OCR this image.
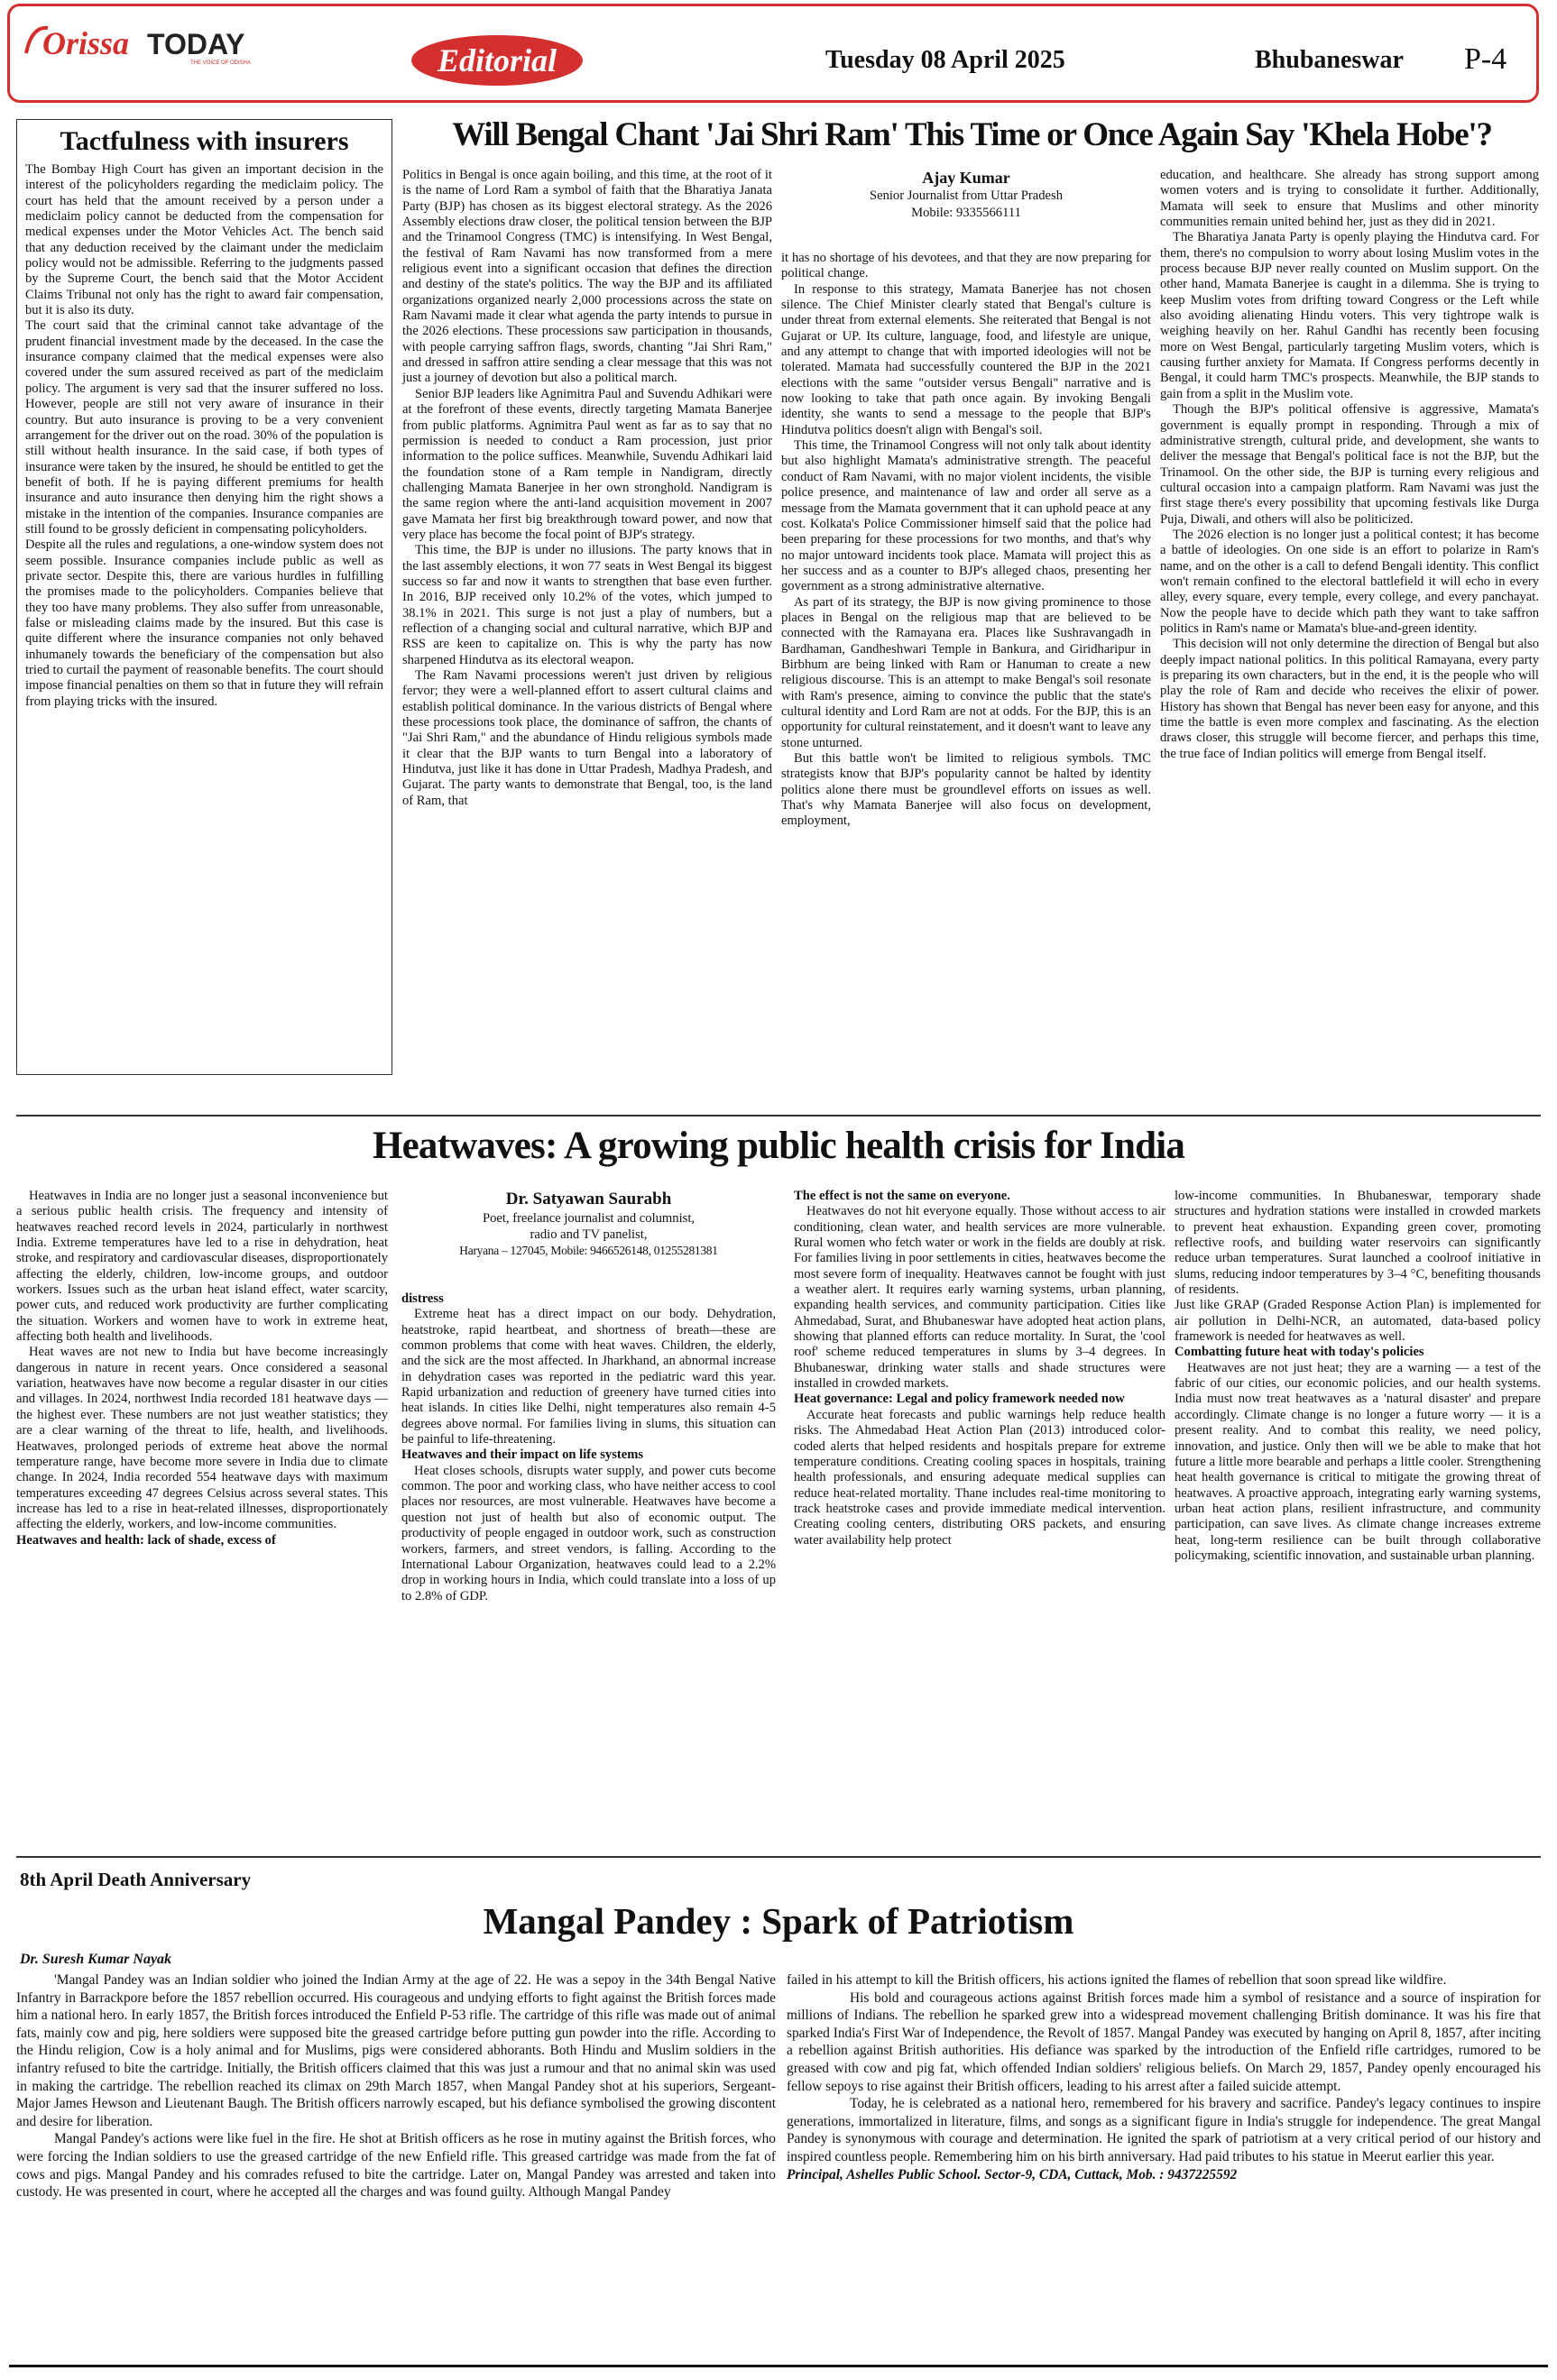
Orissa TODAY
THE VOICE OF ODISHA	Editorial	Tuesday 08 April 2025	Bhubaneswar P-4
Tactfulness with insurers

The Bombay High Court has given an important decision in the interest of the policyholders regarding the mediclaim policy. The court has held that the amount received by a person under a mediclaim policy cannot be deducted from the compensation for medical expenses under the Motor Vehicles Act. The bench said that any deduction received by the claimant under the mediclaim policy would not be admissible. Referring to the judgments passed by the Supreme Court, the bench said that the Motor Accident Claims Tribunal not only has the right to award fair compensation, but it is also its duty.

The court said that the criminal cannot take advantage of the prudent financial investment made by the deceased. In the case the insurance company claimed that the medical expenses were also covered under the sum assured received as part of the mediclaim policy. The argument is very sad that the insurer suffered no loss. However, people are still not very aware of insurance in their country. But auto insurance is proving to be a very convenient arrangement for the driver out on the road. 30% of the population is still without health insurance. In the said case, if both types of insurance were taken by the insured, he should be entitled to get the benefit of both. If he is paying different premiums for health insurance and auto insurance then denying him the right shows a mistake in the intention of the companies. Insurance companies are still found to be grossly deficient in compensating policyholders.

Despite all the rules and regulations, a one-window system does not seem possible. Insurance companies include public as well as private sector. Despite this, there are various hurdles in fulfilling the promises made to the policyholders. Companies believe that they too have many problems. They also suffer from unreasonable, false or misleading claims made by the insured. But this case is quite different where the insurance companies not only behaved inhumanely towards the beneficiary of the compensation but also tried to curtail the payment of reasonable benefits. The court should impose financial penalties on them so that in future they will refrain from playing tricks with the insured.

Will Bengal Chant 'Jai Shri Ram' This Time or Once Again Say 'Khela Hobe'?

Politics in Bengal is once again boiling, and this time, at the root of it is the name of Lord Ram a symbol of faith that the Bharatiya Janata Party (BJP) has chosen as its biggest electoral strategy. As the 2026 Assembly elections draw closer, the political tension between the BJP and the Trinamool Congress (TMC) is intensifying. In West Bengal, the festival of Ram Navami has now transformed from a mere religious event into a significant occasion that defines the direction and destiny of the state's politics. The way the BJP and its affiliated organizations organized nearly 2,000 processions across the state on Ram Navami made it clear what agenda the party intends to pursue in the 2026 elections. These processions saw participation in thousands, with people carrying saffron flags, swords, chanting "Jai Shri Ram," and dressed in saffron attire sending a clear message that this was not just a journey of devotion but also a political march.

Senior BJP leaders like Agnimitra Paul and Suvendu Adhikari were at the forefront of these events, directly targeting Mamata Banerjee from public platforms. Agnimitra Paul went as far as to say that no permission is needed to conduct a Ram procession, just prior information to the police suffices. Meanwhile, Suvendu Adhikari laid the foundation stone of a Ram temple in Nandigram, directly challenging Mamata Banerjee in her own stronghold. Nandigram is the same region where the anti-land acquisition movement in 2007 gave Mamata her first big breakthrough toward power, and now that very place has become the focal point of BJP's strategy.

This time, the BJP is under no illusions. The party knows that in the last assembly elections, it won 77 seats in West Bengal its biggest success so far and now it wants to strengthen that base even further. In 2016, BJP received only 10.2% of the votes, which jumped to 38.1% in 2021. This surge is not just a play of numbers, but a reflection of a changing social and cultural narrative, which BJP and RSS are keen to capitalize on. This is why the party has now sharpened Hindutva as its electoral weapon.

The Ram Navami processions weren't just driven by religious fervor; they were a well-planned effort to assert cultural claims and establish political dominance. In the various districts of Bengal where these processions took place, the dominance of saffron, the chants of "Jai Shri Ram," and the abundance of Hindu religious symbols made it clear that the BJP wants to turn Bengal into a laboratory of Hindutva, just like it has done in Uttar Pradesh, Madhya Pradesh, and Gujarat. The party wants to demonstrate that Bengal, too, is the land of Ram, that

Ajay Kumar
Senior Journalist from Uttar Pradesh
Mobile: 9335566111

it has no shortage of his devotees, and that they are now preparing for political change.

In response to this strategy, Mamata Banerjee has not chosen silence. The Chief Minister clearly stated that Bengal's culture is under threat from external elements. She reiterated that Bengal is not Gujarat or UP. Its culture, language, food, and lifestyle are unique, and any attempt to change that with imported ideologies will not be tolerated. Mamata had successfully countered the BJP in the 2021 elections with the same "outsider versus Bengali" narrative and is now looking to take that path once again. By invoking Bengali identity, she wants to send a message to the people that BJP's Hindutva politics doesn't align with Bengal's soil.

This time, the Trinamool Congress will not only talk about identity but also highlight Mamata's administrative strength. The peaceful conduct of Ram Navami, with no major violent incidents, the visible police presence, and maintenance of law and order all serve as a message from the Mamata government that it can uphold peace at any cost. Kolkata's Police Commissioner himself said that the police had been preparing for these processions for two months, and that's why no major untoward incidents took place. Mamata will project this as her success and as a counter to BJP's alleged chaos, presenting her government as a strong administrative alternative.

As part of its strategy, the BJP is now giving prominence to those places in Bengal on the religious map that are believed to be connected with the Ramayana era. Places like Sushravangadh in Bardhaman, Gandheshwari Temple in Bankura, and Giridharipur in Birbhum are being linked with Ram or Hanuman to create a new religious discourse. This is an attempt to make Bengal's soil resonate with Ram's presence, aiming to convince the public that the state's cultural identity and Lord Ram are not at odds. For the BJP, this is an opportunity for cultural reinstatement, and it doesn't want to leave any stone unturned.

But this battle won't be limited to religious symbols. TMC strategists know that BJP's popularity cannot be halted by identity politics alone there must be groundlevel efforts on issues as well. That's why Mamata Banerjee will also focus on development, employment,

education, and healthcare. She already has strong support among women voters and is trying to consolidate it further. Additionally, Mamata will seek to ensure that Muslims and other minority communities remain united behind her, just as they did in 2021.

The Bharatiya Janata Party is openly playing the Hindutva card. For them, there's no compulsion to worry about losing Muslim votes in the process because BJP never really counted on Muslim support. On the other hand, Mamata Banerjee is caught in a dilemma. She is trying to keep Muslim votes from drifting toward Congress or the Left while also avoiding alienating Hindu voters. This very tightrope walk is weighing heavily on her. Rahul Gandhi has recently been focusing more on West Bengal, particularly targeting Muslim voters, which is causing further anxiety for Mamata. If Congress performs decently in Bengal, it could harm TMC's prospects. Meanwhile, the BJP stands to gain from a split in the Muslim vote.

Though the BJP's political offensive is aggressive, Mamata's government is equally prompt in responding. Through a mix of administrative strength, cultural pride, and development, she wants to deliver the message that Bengal's political face is not the BJP, but the Trinamool. On the other side, the BJP is turning every religious and cultural occasion into a campaign platform. Ram Navami was just the first stage there's every possibility that upcoming festivals like Durga Puja, Diwali, and others will also be politicized.

The 2026 election is no longer just a political contest; it has become a battle of ideologies. On one side is an effort to polarize in Ram's name, and on the other is a call to defend Bengali identity. This conflict won't remain confined to the electoral battlefield it will echo in every alley, every square, every temple, every college, and every panchayat. Now the people have to decide which path they want to take saffron politics in Ram's name or Mamata's blue-and-green identity.

This decision will not only determine the direction of Bengal but also deeply impact national politics. In this political Ramayana, every party is preparing its own characters, but in the end, it is the people who will play the role of Ram and decide who receives the elixir of power. History has shown that Bengal has never been easy for anyone, and this time the battle is even more complex and fascinating. As the election draws closer, this struggle will become fiercer, and perhaps this time, the true face of Indian politics will emerge from Bengal itself.

Heatwaves: A growing public health crisis for India

Heatwaves in India are no longer just a seasonal inconvenience but a serious public health crisis. The frequency and intensity of heatwaves reached record levels in 2024, particularly in northwest India. Extreme temperatures have led to a rise in dehydration, heat stroke, and respiratory and cardiovascular diseases, disproportionately affecting the elderly, children, low-income groups, and outdoor workers. Issues such as the urban heat island effect, water scarcity, power cuts, and reduced work productivity are further complicating the situation. Workers and women have to work in extreme heat, affecting both health and livelihoods.

Heat waves are not new to India but have become increasingly dangerous in nature in recent years. Once considered a seasonal variation, heatwaves have now become a regular disaster in our cities and villages. In 2024, northwest India recorded 181 heatwave days — the highest ever. These numbers are not just weather statistics; they are a clear warning of the threat to life, health, and livelihoods. Heatwaves, prolonged periods of extreme heat above the normal temperature range, have become more severe in India due to climate change. In 2024, India recorded 554 heatwave days with maximum temperatures exceeding 47 degrees Celsius across several states. This increase has led to a rise in heat-related illnesses, disproportionately affecting the elderly, workers, and low-income communities.

Heatwaves and health: lack of shade, excess of

Dr. Satyawan Saurabh
Poet, freelance journalist and columnist,
radio and TV panelist,
Haryana – 127045, Mobile: 9466526148, 01255281381

distress

Extreme heat has a direct impact on our body. Dehydration, heatstroke, rapid heartbeat, and shortness of breath—these are common problems that come with heat waves. Children, the elderly, and the sick are the most affected. In Jharkhand, an abnormal increase in dehydration cases was reported in the pediatric ward this year. Rapid urbanization and reduction of greenery have turned cities into heat islands. In cities like Delhi, night temperatures also remain 4-5 degrees above normal. For families living in slums, this situation can be painful to life-threatening.

Heatwaves and their impact on life systems

Heat closes schools, disrupts water supply, and power cuts become common. The poor and working class, who have neither access to cool places nor resources, are most vulnerable. Heatwaves have become a question not just of health but also of economic output. The productivity of people engaged in outdoor work, such as construction workers, farmers, and street vendors, is falling. According to the International Labour Organization, heatwaves could lead to a 2.2% drop in working hours in India, which could translate into a loss of up to 2.8% of GDP.

The effect is not the same on everyone.

Heatwaves do not hit everyone equally. Those without access to air conditioning, clean water, and health services are more vulnerable. Rural women who fetch water or work in the fields are doubly at risk. For families living in poor settlements in cities, heatwaves become the most severe form of inequality. Heatwaves cannot be fought with just a weather alert. It requires early warning systems, urban planning, expanding health services, and community participation. Cities like Ahmedabad, Surat, and Bhubaneswar have adopted heat action plans, showing that planned efforts can reduce mortality. In Surat, the 'cool roof' scheme reduced temperatures in slums by 3–4 degrees. In Bhubaneswar, drinking water stalls and shade structures were installed in crowded markets.

Heat governance: Legal and policy framework needed now

Accurate heat forecasts and public warnings help reduce health risks. The Ahmedabad Heat Action Plan (2013) introduced color-coded alerts that helped residents and hospitals prepare for extreme temperature conditions. Creating cooling spaces in hospitals, training health professionals, and ensuring adequate medical supplies can reduce heat-related mortality. Thane includes real-time monitoring to track heatstroke cases and provide immediate medical intervention. Creating cooling centers, distributing ORS packets, and ensuring water availability help protect

low-income communities. In Bhubaneswar, temporary shade structures and hydration stations were installed in crowded markets to prevent heat exhaustion. Expanding green cover, promoting reflective roofs, and building water reservoirs can significantly reduce urban temperatures. Surat launched a coolroof initiative in slums, reducing indoor temperatures by 3–4 °C, benefiting thousands of residents.

Just like GRAP (Graded Response Action Plan) is implemented for air pollution in Delhi-NCR, an automated, data-based policy framework is needed for heatwaves as well.

Combatting future heat with today's policies

Heatwaves are not just heat; they are a warning — a test of the fabric of our cities, our economic policies, and our health systems. India must now treat heatwaves as a 'natural disaster' and prepare accordingly. Climate change is no longer a future worry — it is a present reality. And to combat this reality, we need policy, innovation, and justice. Only then will we be able to make that hot future a little more bearable and perhaps a little cooler. Strengthening heat health governance is critical to mitigate the growing threat of heatwaves. A proactive approach, integrating early warning systems, urban heat action plans, resilient infrastructure, and community participation, can save lives. As climate change increases extreme heat, long-term resilience can be built through collaborative policymaking, scientific innovation, and sustainable urban planning.

8th April Death Anniversary
Mangal Pandey : Spark of Patriotism
Dr. Suresh Kumar Nayak

'Mangal Pandey was an Indian soldier who joined the Indian Army at the age of 22. He was a sepoy in the 34th Bengal Native Infantry in Barrackpore before the 1857 rebellion occurred. His courageous and undying efforts to fight against the British forces made him a national hero. In early 1857, the British forces introduced the Enfield P-53 rifle. The cartridge of this rifle was made out of animal fats, mainly cow and pig, here soldiers were supposed bite the greased cartridge before putting gun powder into the rifle. According to the Hindu religion, Cow is a holy animal and for Muslims, pigs were considered abhorants. Both Hindu and Muslim soldiers in the infantry refused to bite the cartridge. Initially, the British officers claimed that this was just a rumour and that no animal skin was used in making the cartridge. The rebellion reached its climax on 29th March 1857, when Mangal Pandey shot at his superiors, Sergeant-Major James Hewson and Lieutenant Baugh. The British officers narrowly escaped, but his defiance symbolised the growing discontent and desire for liberation.

Mangal Pandey's actions were like fuel in the fire. He shot at British officers as he rose in mutiny against the British forces, who were forcing the Indian soldiers to use the greased cartridge of the new Enfield rifle. This greased cartridge was made from the fat of cows and pigs. Mangal Pandey and his comrades refused to bite the cartridge. Later on, Mangal Pandey was arrested and taken into custody. He was presented in court, where he accepted all the charges and was found guilty. Although Mangal Pandey

failed in his attempt to kill the British officers, his actions ignited the flames of rebellion that soon spread like wildfire.

His bold and courageous actions against British forces made him a symbol of resistance and a source of inspiration for millions of Indians. The rebellion he sparked grew into a widespread movement challenging British dominance. It was his fire that sparked India's First War of Independence, the Revolt of 1857. Mangal Pandey was executed by hanging on April 8, 1857, after inciting a rebellion against British authorities. His defiance was sparked by the introduction of the Enfield rifle cartridges, rumored to be greased with cow and pig fat, which offended Indian soldiers' religious beliefs. On March 29, 1857, Pandey openly encouraged his fellow sepoys to rise against their British officers, leading to his arrest after a failed suicide attempt.

Today, he is celebrated as a national hero, remembered for his bravery and sacrifice. Pandey's legacy continues to inspire generations, immortalized in literature, films, and songs as a significant figure in India's struggle for independence. The great Mangal Pandey is synonymous with courage and determination. He ignited the spark of patriotism at a very critical period of our history and inspired countless people. Remembering him on his birth anniversary. Had paid tributes to his statue in Meerut earlier this year.

Principal, Ashelles Public School. Sector-9, CDA, Cuttack, Mob. : 9437225592
